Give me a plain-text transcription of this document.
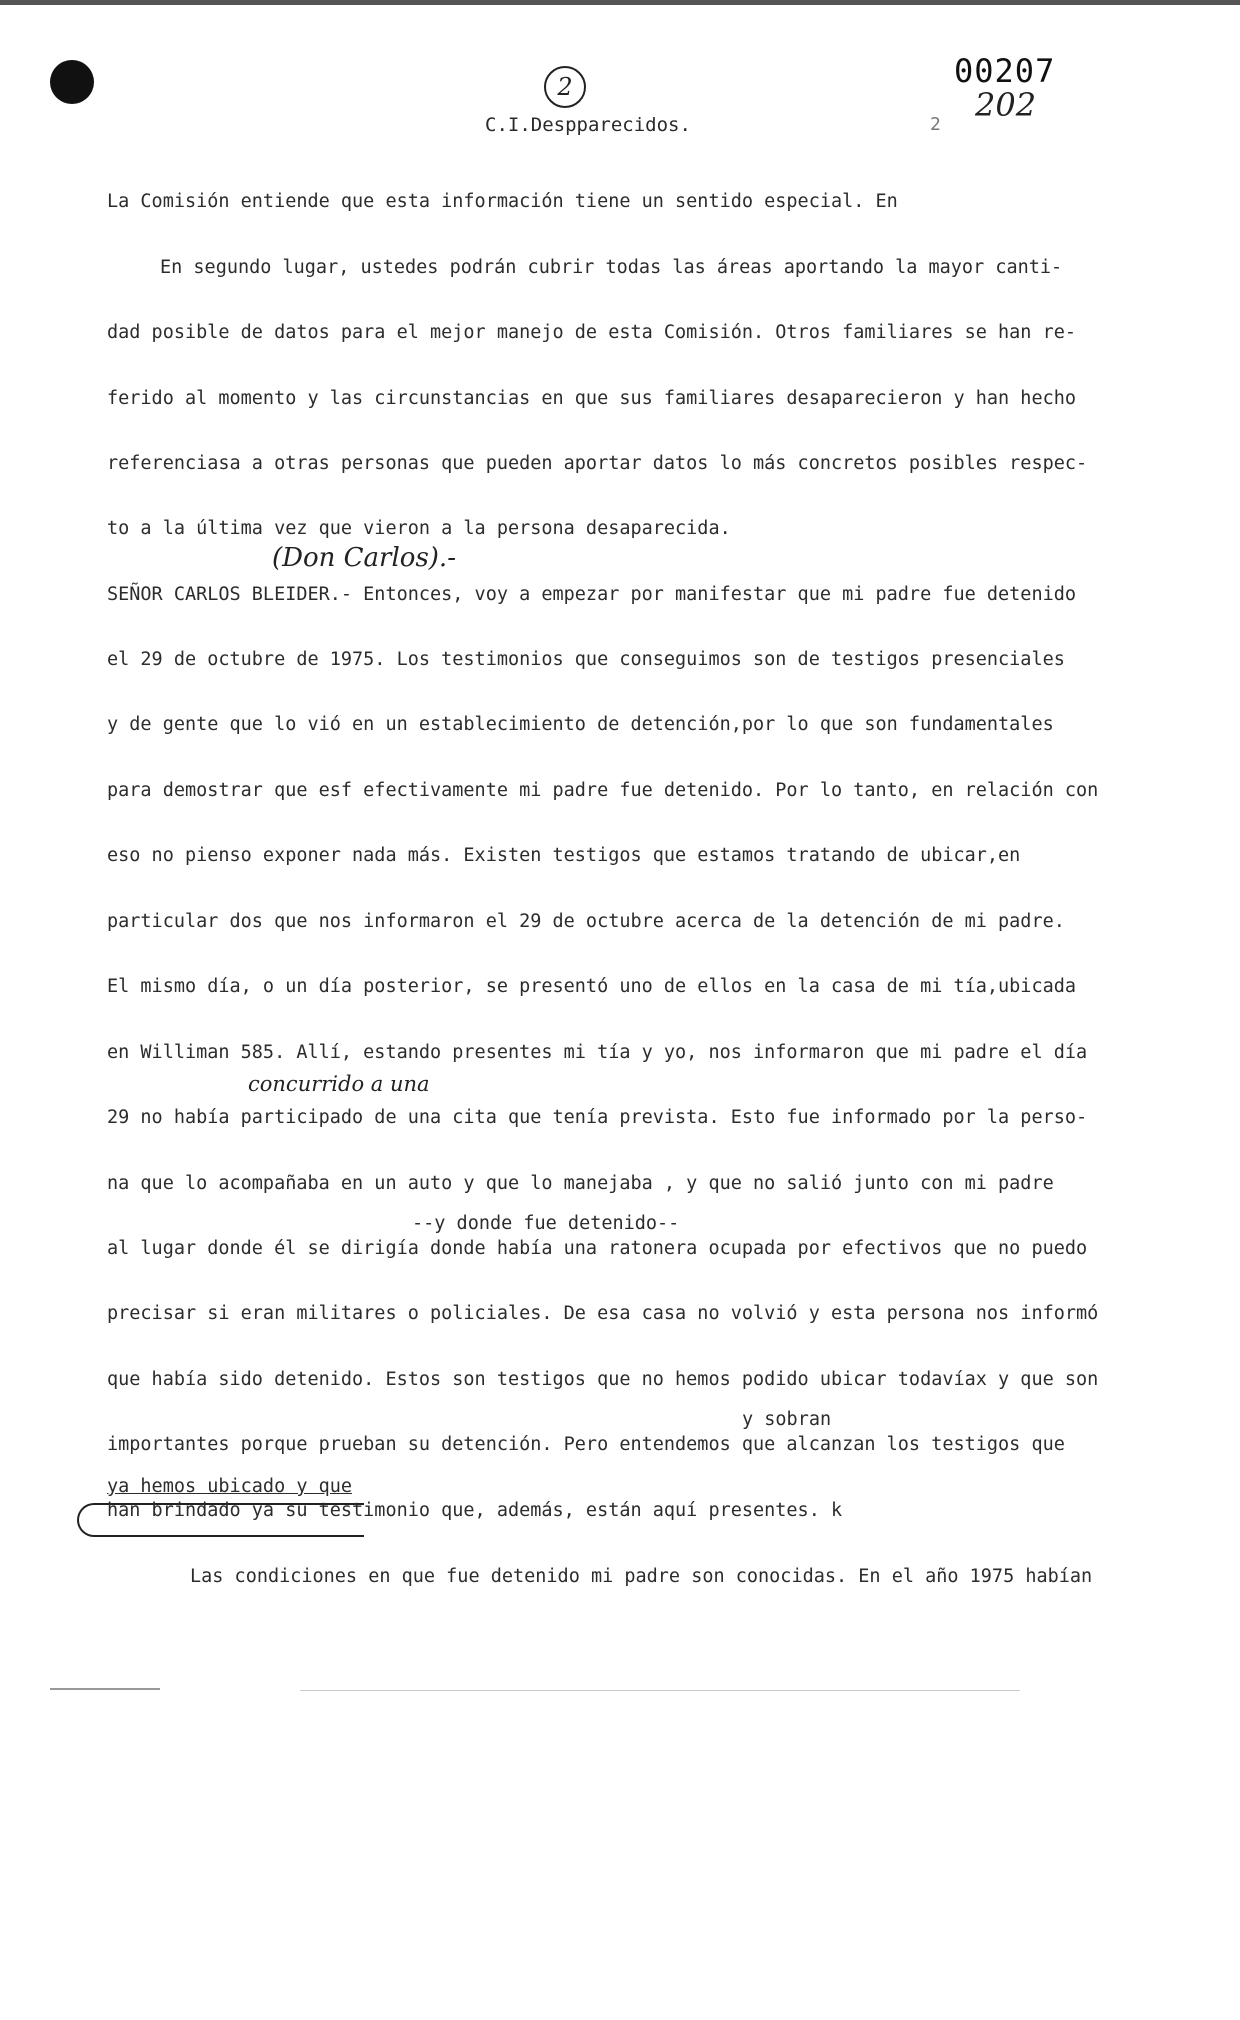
2	00207
202
C.I.Despparecidos.	2
La Comisión entiende que esta información tiene un sentido especial. En
En segundo lugar, ustedes podrán cubrir todas las áreas aportando la mayor canti-
dad posible de datos para el mejor manejo de esta Comisión. Otros familiares se han re-
ferido al momento y las circunstancias en que sus familiares desaparecieron y han hecho
referenciasa a otras personas que pueden aportar datos lo más concretos posibles respec-
to a la última vez que vieron a la persona desaparecida.
(Don Carlos).-
SEÑOR CARLOS BLEIDER.- Entonces, voy a empezar por manifestar que mi padre fue detenido
el 29 de octubre de 1975. Los testimonios que conseguimos son de testigos presenciales
y de gente que lo vió en un establecimiento de detención,por lo que son fundamentales
para demostrar que esf efectivamente mi padre fue detenido. Por lo tanto, en relación con
eso no pienso exponer nada más. Existen testigos que estamos tratando de ubicar,en
particular dos que nos informaron el 29 de octubre acerca de la detención de mi padre.
El mismo día, o un día posterior, se presentó uno de ellos en la casa de mi tía,ubicada
en Williman 585. Allí, estando presentes mi tía y yo, nos informaron que mi padre el día
concurrido a una
29 no había participado de una cita que tenía prevista. Esto fue informado por la perso-
na que lo acompañaba en un auto y que lo manejaba , y que no salió junto con mi padre
--y donde fue detenido--
al lugar donde él se dirigía donde había una ratonera ocupada por efectivos que no puedo
precisar si eran militares o policiales. De esa casa no volvió y esta persona nos informó
que había sido detenido. Estos son testigos que no hemos podido ubicar todavíax y que son
y sobran
importantes porque prueban su detención. Pero entendemos que alcanzan los testigos que
ya hemos ubicado y que
han brindado ya su testimonio que, además, están aquí presentes. k
Las condiciones en que fue detenido mi padre son conocidas. En el año 1975 habían
